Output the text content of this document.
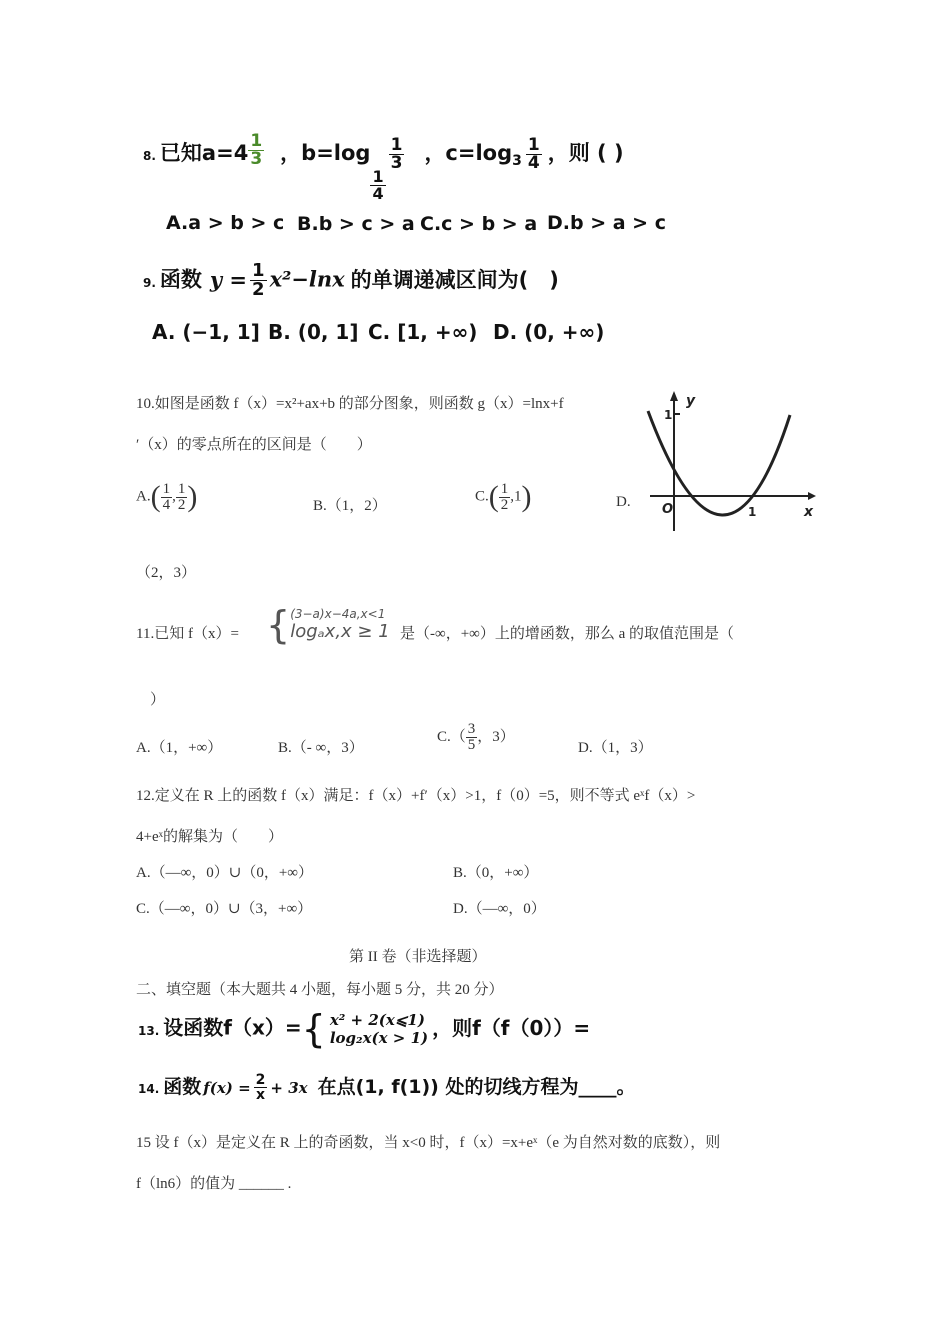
8. 已知$a=4 \frac{1}{3}$ ，b=log
$\frac{1}{4}$
$\frac{1}{3}$ ，$c=\log_3 \frac{1}{4}$ ，则 ( )
A.a > b > c B.b > c > a C.c > b > a D.b > a > c
9. 函数 $y = \frac{1}{2} x^2-\ln x$ 的单调递减区间为(　)
A. (−1, 1] B. (0, 1] C. [1, +∞) D. (0, +∞)
10.如图是函数 f（x）=x²+ax+b 的部分图象，则函数 g（x）=lnx+f
′（x）的零点所在的区间是（　　）
$A.( \frac{1}{4}$ , $\frac{1}{2}$ )	B.（1，2）
$C.( \frac{1}{2} ,1)$	D.
（2，3）
y
1
O	1	x
11.已知 f（x）= { (3−a)x−4a,x<1
logₐx,x ≥ 1 是（-∞，+∞）上的增函数，那么 a 的取值范围是（
）
A.（1，+∞）	B.（- ∞，3）
$C.( \frac{3}{5}$ ，3）
D.（1，3）
12.定义在 R 上的函数 f（x）满足：f（x）+f′（x）>1，f（0）=5，则不等式 eˣf（x）>
4+eˣ的解集为（　　）
A.（—∞，0）∪（0，+∞）	B.（0，+∞）
C.（—∞，0）∪（3，+∞）	D.（—∞，0）
第 II 卷（非选择题）
二、填空题（本大题共 4 小题，每小题 5 分，共 20 分）
13. 设函数f（x）={ x² + 2(x⩽1)
log₂x(x > 1) ，则f（f（0））=
14. 函数 $f(x) = \frac{2}{x} + 3x$ 在点(1, f(1)) 处的切线方程为____。
15 设 f（x）是定义在 R 上的奇函数，当 x<0 时，f（x）=x+eˣ（e 为自然对数的底数），则
f（ln6）的值为 ______ .
